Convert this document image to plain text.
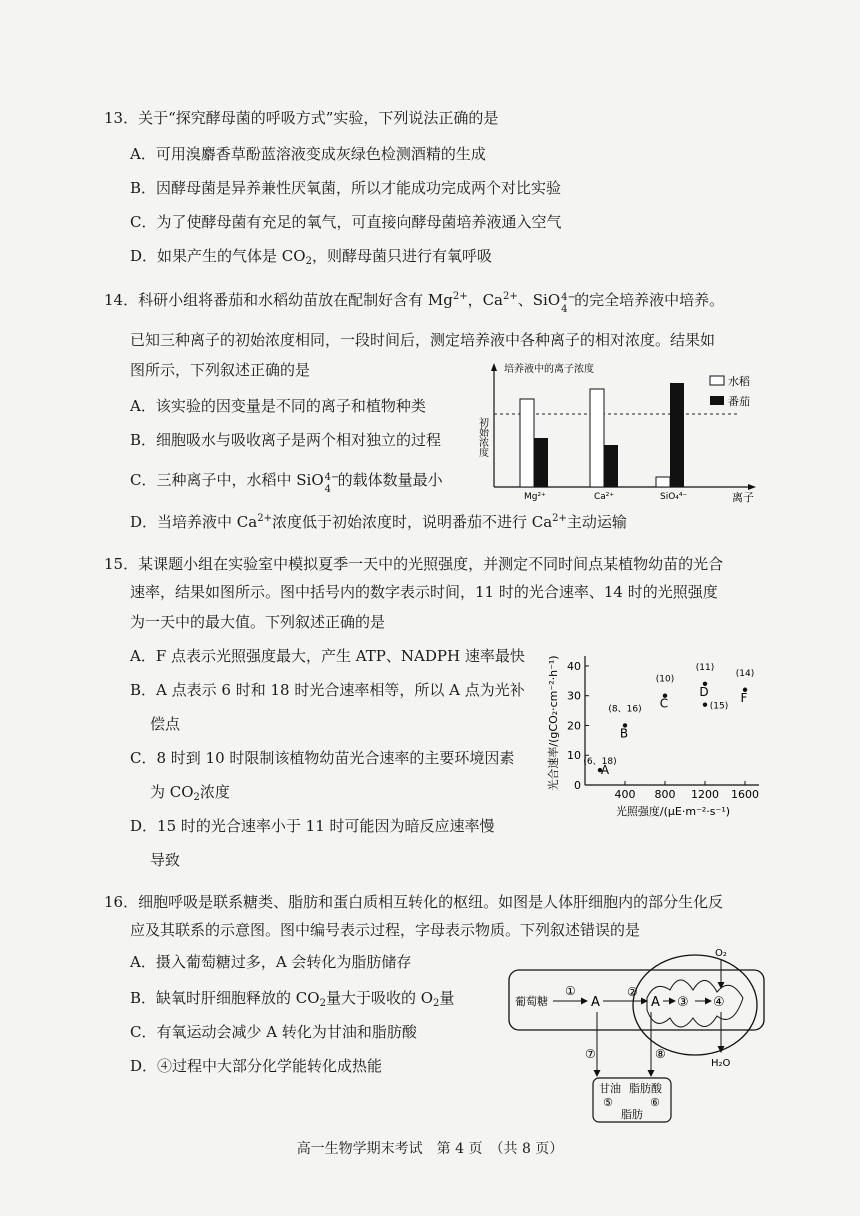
13．关于“探究酵母菌的呼吸方式”实验，下列说法正确的是
A．可用溴麝香草酚蓝溶液变成灰绿色检测酒精的生成
B．因酵母菌是异养兼性厌氧菌，所以才能成功完成两个对比实验
C．为了使酵母菌有充足的氧气，可直接向酵母菌培养液通入空气
D．如果产生的气体是 $CO_2$，则酵母菌只进行有氧呼吸
14．科研小组将番茄和水稻幼苗放在配制好含有 $Mg^{2+}$，$Ca^{2+}$、SiO 4−
4
的完全培养液中培养。
已知三种离子的初始浓度相同，一段时间后，测定培养液中各种离子的相对浓度。结果如
图所示，下列叙述正确的是
A．该实验的因变量是不同的离子和植物种类
B．细胞吸水与吸收离子是两个相对独立的过程
C．三种离子中，水稻中 SiO 4−
4
的载体数量最小
D．当培养液中 $Ca^{2+}$浓度低于初始浓度时，说明番茄不进行 $Ca^{2+}$主动运输
培养液中的离子浓度
初始浓度
水稻
番茄
Mg²⁺	Ca²⁺	SiO₄⁴⁻	离子
15．某课题小组在实验室中模拟夏季一天中的光照强度，并测定不同时间点某植物幼苗的光合
速率，结果如图所示。图中括号内的数字表示时间，11 时的光合速率、14 时的光照强度
为一天中的最大值。下列叙述正确的是
A．F 点表示光照强度最大，产生 ATP、NADPH 速率最快
B．A 点表示 6 时和 18 时光合速率相等，所以 A 点为光补
偿点
C．8 时到 10 时限制该植物幼苗光合速率的主要环境因素
为 $CO_2$浓度
D．15 时的光合速率小于 11 时可能因为暗反应速率慢
导致
400 800 1200 1600
0
10
20
30
40
A
(6、18)
B
(8、16) C
(10)
D
(11)
(15)
F
(14)
光合速率/(gCO₂·cm⁻²·h⁻¹)
光照强度/(μE·m⁻²·s⁻¹)
16．细胞呼吸是联系糖类、脂肪和蛋白质相互转化的枢纽。如图是人体肝细胞内的部分生化反
应及其联系的示意图。图中编号表示过程，字母表示物质。下列叙述错误的是
A．摄入葡萄糖过多，A 会转化为脂肪储存
B．缺氧时肝细胞释放的 $CO_2$量大于吸收的 $O_2$量
C．有氧运动会减少 A 转化为甘油和脂肪酸
D．④过程中大部分化学能转化成热能
葡萄糖
①
A
②
A ③ ④
O₂
H₂O
⑦	⑧
甘油 脂肪酸
⑤	⑥
脂肪
高一生物学期末考试　第 4 页　（共 8 页）
